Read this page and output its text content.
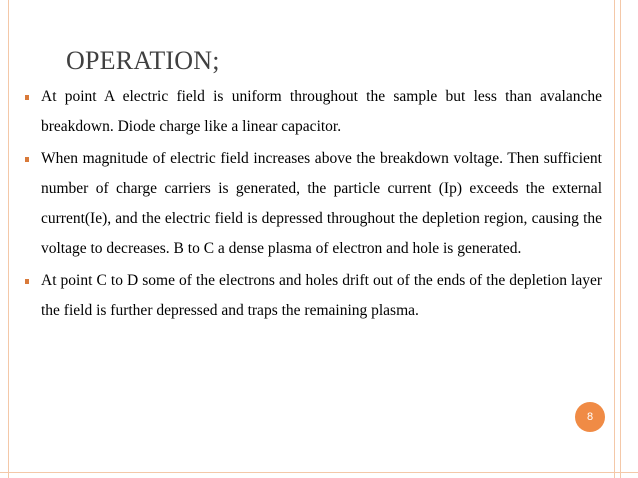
OPERATION;
At point A electric field is uniform throughout the sample but less than avalanche breakdown. Diode charge like a linear capacitor.
When magnitude of electric field increases above the breakdown voltage. Then sufficient number of charge carriers is generated, the particle current (Ip) exceeds the external current(Ie), and the electric field is depressed throughout the depletion region, causing the voltage to decreases. B to C a dense plasma of electron and hole is generated.
At point C to D some of the electrons and holes drift out of the ends of the depletion layer the field is further depressed and traps the remaining plasma.
8
